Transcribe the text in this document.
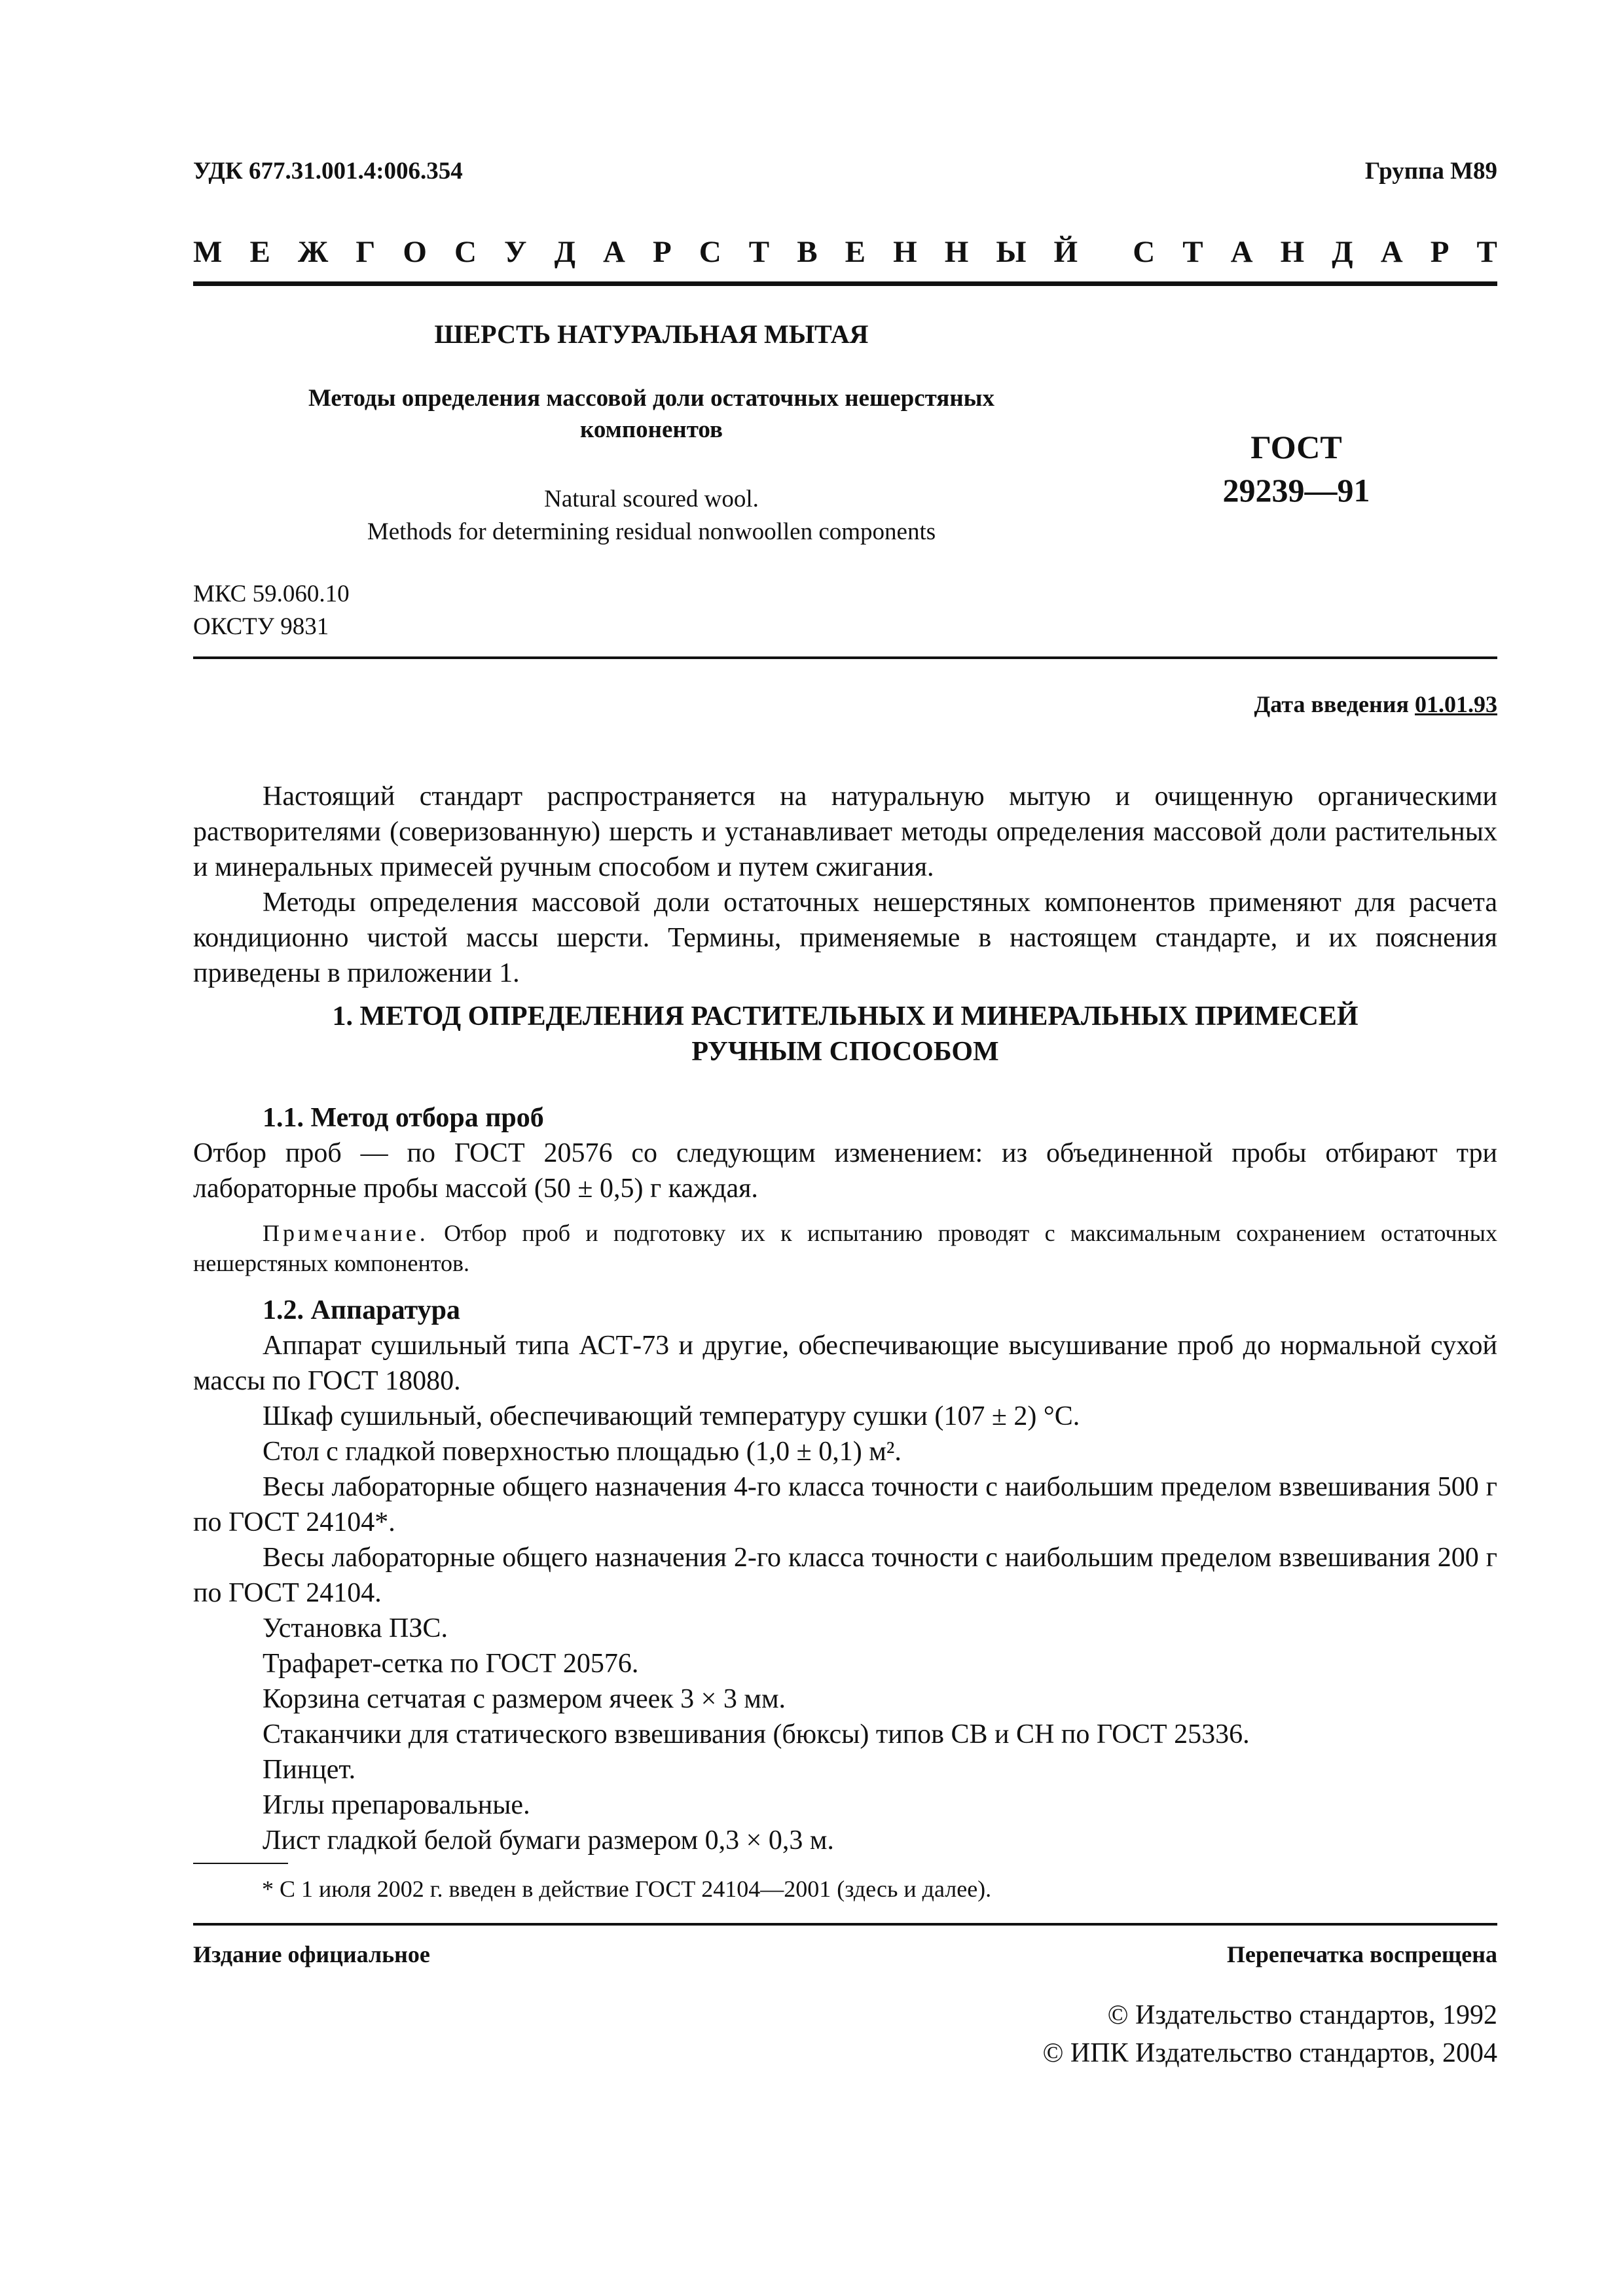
УДК 677.31.001.4:006.354	Группа М89
М Е Ж Г О С У Д А Р С Т В Е Н Н Ы Й С Т А Н Д А Р Т
ШЕРСТЬ НАТУРАЛЬНАЯ МЫТАЯ
Методы определения массовой доли остаточных нешерстяных
компонентов
Natural scoured wool.
Methods for determining residual nonwoollen components
ГОСТ
29239—91
МКС 59.060.10
ОКСТУ 9831
Дата введения 01.01.93

Настоящий стандарт распространяется на натуральную мытую и очищенную органическими растворителями (соверизованную) шерсть и устанавливает методы определения массовой доли растительных и минеральных примесей ручным способом и путем сжигания.

Методы определения массовой доли остаточных нешерстяных компонентов применяют для расчета кондиционно чистой массы шерсти. Термины, применяемые в настоящем стандарте, и их пояснения приведены в приложении 1.

1. МЕТОД ОПРЕДЕЛЕНИЯ РАСТИТЕЛЬНЫХ И МИНЕРАЛЬНЫХ ПРИМЕСЕЙ
РУЧНЫМ СПОСОБОМ
1.1. Метод отбора проб

Отбор проб — по ГОСТ 20576 со следующим изменением: из объединенной пробы отбирают три лабораторные пробы массой (50 ± 0,5) г каждая.

Примечание. Отбор проб и подготовку их к испытанию проводят с максимальным сохранением остаточных нешерстяных компонентов.

1.2. Аппаратура

Аппарат сушильный типа АСТ-73 и другие, обеспечивающие высушивание проб до нормальной сухой массы по ГОСТ 18080.

Шкаф сушильный, обеспечивающий температуру сушки (107 ± 2) °С.

Стол с гладкой поверхностью площадью (1,0 ± 0,1) м².

Весы лабораторные общего назначения 4-го класса точности с наибольшим пределом взвешивания 500 г по ГОСТ 24104*.

Весы лабораторные общего назначения 2-го класса точности с наибольшим пределом взвешивания 200 г по ГОСТ 24104.

Установка ПЗС.

Трафарет-сетка по ГОСТ 20576.

Корзина сетчатая с размером ячеек 3 × 3 мм.

Стаканчики для статического взвешивания (бюксы) типов СВ и СН по ГОСТ 25336.

Пинцет.

Иглы препаровальные.

Лист гладкой белой бумаги размером 0,3 × 0,3 м.

* С 1 июля 2002 г. введен в действие ГОСТ 24104—2001 (здесь и далее).
Издание официальное	Перепечатка воспрещена
© Издательство стандартов, 1992
© ИПК Издательство стандартов, 2004
